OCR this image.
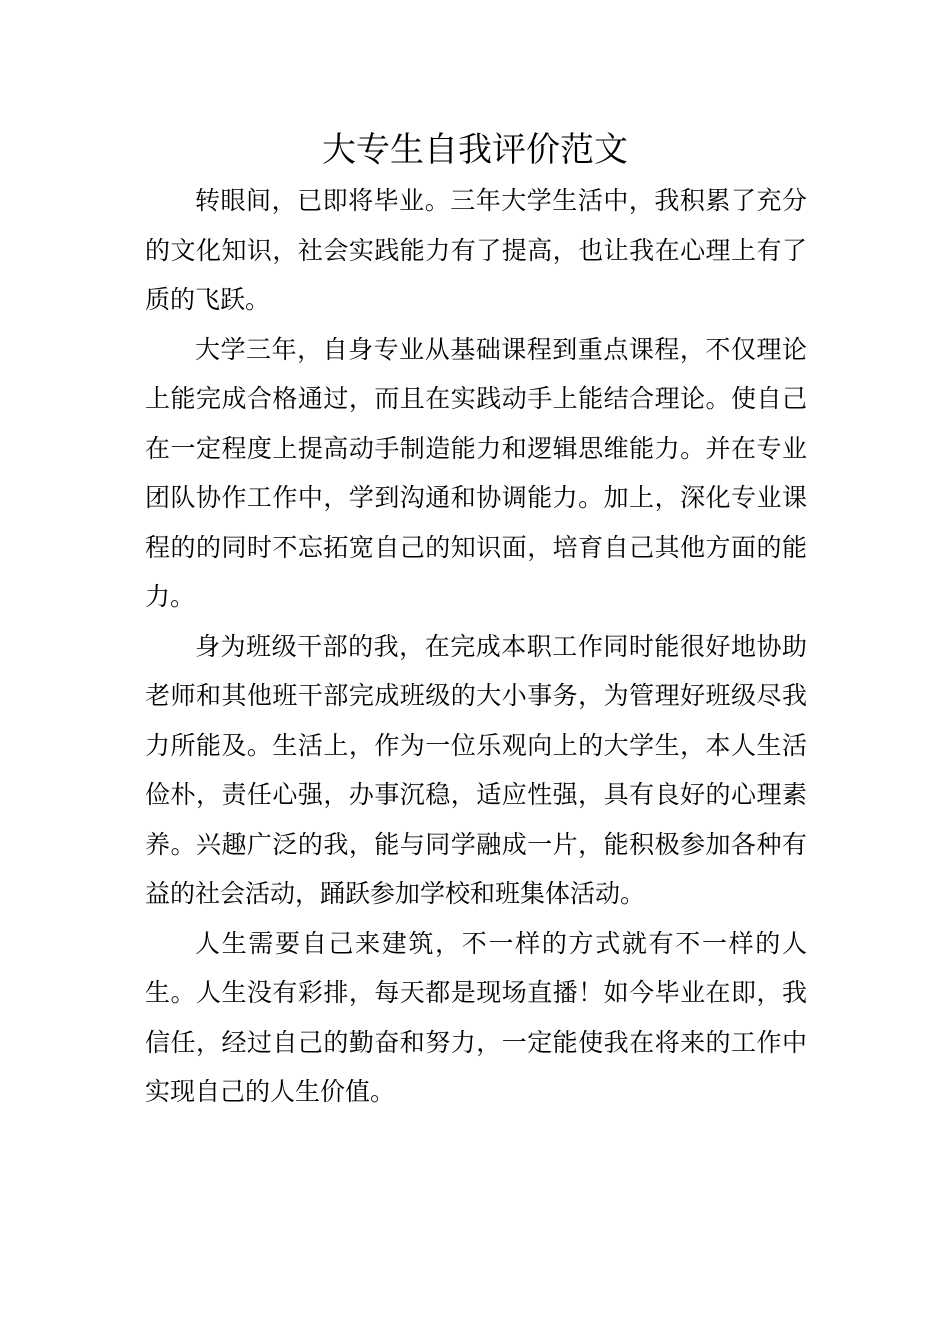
大专生自我评价范文

转眼间，已即将毕业。三年大学生活中，我积累了充分的文化知识，社会实践能力有了提高，也让我在心理上有了质的飞跃。

大学三年，自身专业从基础课程到重点课程，不仅理论上能完成合格通过，而且在实践动手上能结合理论。使自己在一定程度上提高动手制造能力和逻辑思维能力。并在专业团队协作工作中，学到沟通和协调能力。加上，深化专业课程的的同时不忘拓宽自己的知识面，培育自己其他方面的能力。

身为班级干部的我，在完成本职工作同时能很好地协助老师和其他班干部完成班级的大小事务，为管理好班级尽我力所能及。生活上，作为一位乐观向上的大学生，本人生活俭朴，责任心强，办事沉稳，适应性强，具有良好的心理素养。兴趣广泛的我，能与同学融成一片，能积极参加各种有益的社会活动，踊跃参加学校和班集体活动。

人生需要自己来建筑，不一样的方式就有不一样的人生。人生没有彩排，每天都是现场直播！如今毕业在即，我信任，经过自己的勤奋和努力，一定能使我在将来的工作中实现自己的人生价值。
